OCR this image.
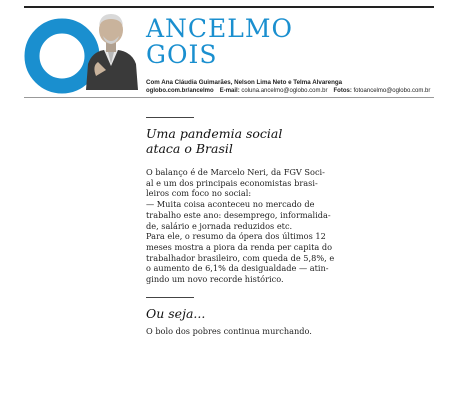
ANCELMO
GOIS
Com Ana Cláudia Guimarães, Nelson Lima Neto e Telma Alvarenga
oglobo.com.br/ancelmo E-mail: coluna.ancelmo@oglobo.com.br Fotos: fotoancelmo@oglobo.com.br
Uma pandemia social
ataca o Brasil
O balanço é de Marcelo Neri, da FGV Soci-
al e um dos principais economistas brasi-
leiros com foco no social:
— Muita coisa aconteceu no mercado de
trabalho este ano: desemprego, informalida-
de, salário e jornada reduzidos etc.
Para ele, o resumo da ópera dos últimos 12
meses mostra a piora da renda per capita do
trabalhador brasileiro, com queda de 5,8%, e
o aumento de 6,1% da desigualdade — atin-
gindo um novo recorde histórico.
Ou seja...
O bolo dos pobres continua murchando.
